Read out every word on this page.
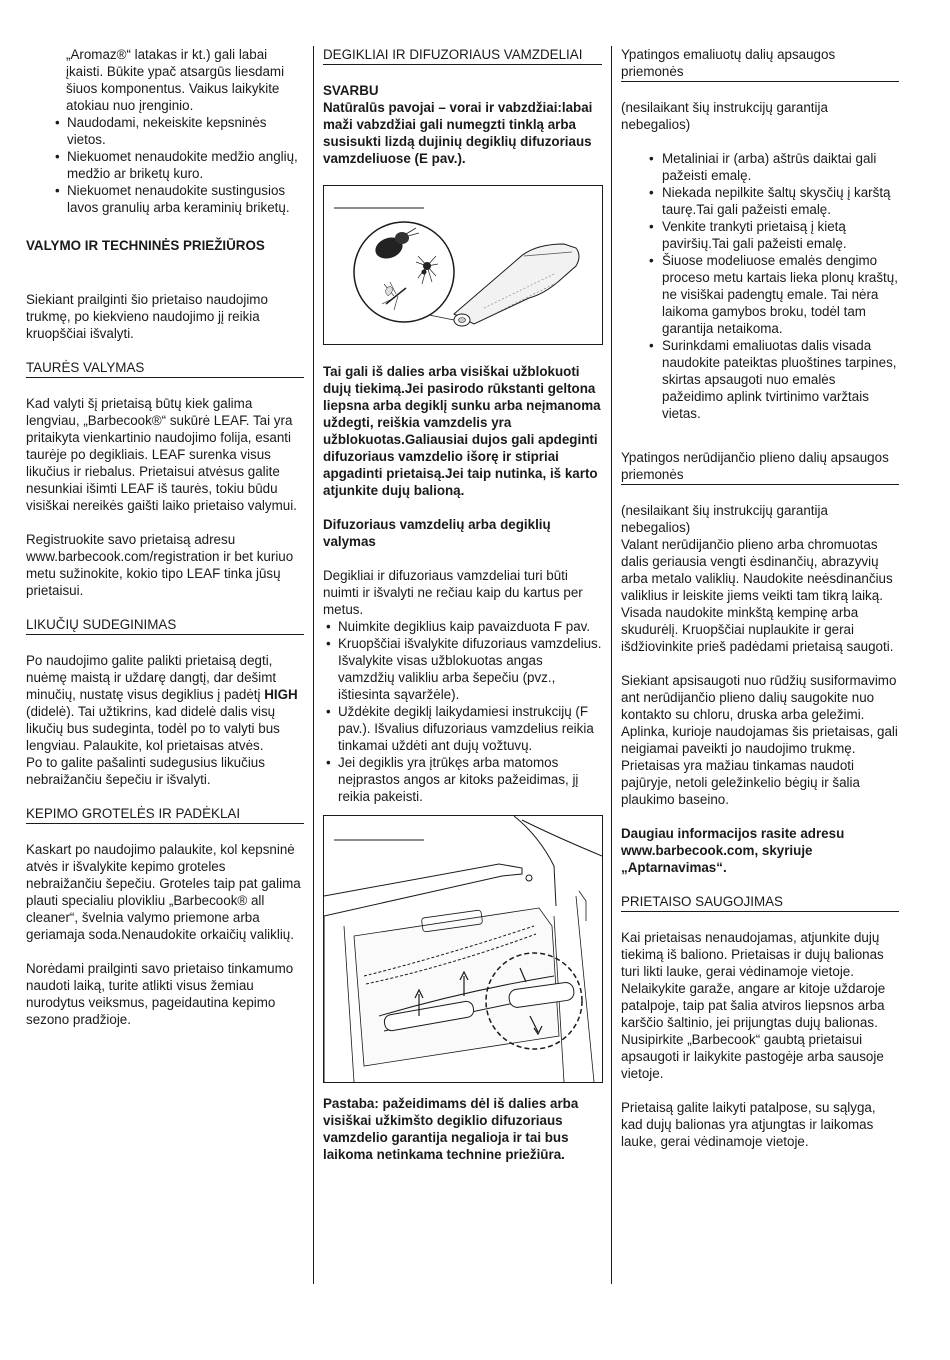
„Aromaz®“ latakas ir kt.) gali labai įkaisti. Būkite ypač atsargūs liesdami šiuos komponentus. Vaikus laikykite atokiau nuo įrenginio.

• Naudodami, nekeiskite kepsninės vietos.
• Niekuomet nenaudokite medžio anglių, medžio ar briketų kuro.
• Niekuomet nenaudokite sustingusios lavos granulių arba keraminių briketų.

VALYMO IR TECHNINĖS PRIEŽIŪROS

Siekiant prailginti šio prietaiso naudojimo trukmę, po kiekvieno naudojimo jį reikia kruopščiai išvalyti.

TAURĖS VALYMAS

Kad valyti šį prietaisą būtų kiek galima lengviau, „Barbecook®“ sukūrė LEAF. Tai yra pritaikyta vienkartinio naudojimo folija, esanti taurėje po degikliais. LEAF surenka visus likučius ir riebalus. Prietaisui atvėsus galite nesunkiai išimti LEAF iš taurės, tokiu būdu visiškai nereikės gaišti laiko prietaiso valymui.

Registruokite savo prietaisą adresu www.barbecook.com/registration ir bet kuriuo metu sužinokite, kokio tipo LEAF tinka jūsų prietaisui.

LIKUČIŲ SUDEGINIMAS

Po naudojimo galite palikti prietaisą degti, nuėmę maistą ir uždarę dangtį, dar dešimt minučių, nustatę visus degiklius į padėtį HIGH (didelė). Tai užtikrins, kad didelė dalis visų likučių bus sudeginta, todėl po to valyti bus lengviau. Palaukite, kol prietaisas atvės.

Po to galite pašalinti sudegusius likučius nebraižančiu šepečiu ir išvalyti.

KEPIMO GROTELĖS IR PADĖKLAI

Kaskart po naudojimo palaukite, kol kepsninė atvės ir išvalykite kepimo groteles nebraižančiu šepečiu. Groteles taip pat galima plauti specialiu plovikliu „Barbecook® all cleaner“, švelnia valymo priemone arba geriamaja soda.Nenaudokite orkaičių valiklių.

Norėdami prailginti savo prietaiso tinkamumo naudoti laiką, turite atlikti visus žemiau nurodytus veiksmus, pageidautina kepimo sezono pradžioje.

DEGIKLIAI IR DIFUZORIAUS VAMZDELIAI

SVARBU

Natūralūs pavojai – vorai ir vabzdžiai:labai maži vabzdžiai gali numegzti tinklą arba susisukti lizdą dujinių degiklių difuzoriaus vamzdeliuose (E pav.).

Tai gali iš dalies arba visiškai užblokuoti dujų tiekimą.Jei pasirodo rūkstanti geltona liepsna arba degiklį sunku arba neįmanoma uždegti, reiškia vamzdelis yra užblokuotas.Galiausiai dujos gali apdeginti difuzoriaus vamzdelio išorę ir stipriai apgadinti prietaisą.Jei taip nutinka, iš karto atjunkite dujų balioną.

Difuzoriaus vamzdelių arba degiklių valymas

Degikliai ir difuzoriaus vamzdeliai turi būti nuimti ir išvalyti ne rečiau kaip du kartus per metus.

• Nuimkite degiklius kaip pavaizduota F pav.
• Kruopščiai išvalykite difuzoriaus vamzdelius. Išvalykite visas užblokuotas angas vamzdžių valikliu arba šepečiu (pvz., ištiesinta sąvaržėle).
• Uždėkite degiklį laikydamiesi instrukcijų (F pav.). Išvalius difuzoriaus vamzdelius reikia tinkamai uždėti ant dujų vožtuvų.
• Jei degiklis yra įtrūkęs arba matomos neįprastos angos ar kitoks pažeidimas, jį reikia pakeisti.

Pastaba: pažeidimams dėl iš dalies arba visiškai užkimšto degiklio difuzoriaus vamzdelio garantija negalioja ir tai bus laikoma netinkama technine priežiūra.

Ypatingos emaliuotų dalių apsaugos priemonės

(nesilaikant šių instrukcijų garantija nebegalios)

• Metaliniai ir (arba) aštrūs daiktai gali pažeisti emalę.
• Niekada nepilkite šaltų skysčių į karštą taurę.Tai gali pažeisti emalę.
• Venkite trankyti prietaisą į kietą paviršių.Tai gali pažeisti emalę.
• Šiuose modeliuose emalės dengimo proceso metu kartais lieka plonų kraštų, ne visiškai padengtų emale. Tai nėra laikoma gamybos broku, todėl tam garantija netaikoma.
• Surinkdami emaliuotas dalis visada naudokite pateiktas pluoštines tarpines, skirtas apsaugoti nuo emalės pažeidimo aplink tvirtinimo varžtais vietas.

Ypatingos nerūdijančio plieno dalių apsaugos priemonės

(nesilaikant šių instrukcijų garantija nebegalios)

Valant nerūdijančio plieno arba chromuotas dalis geriausia vengti ėsdinančių, abrazyvių arba metalo valiklių. Naudokite neėsdinančius valiklius ir leiskite jiems veikti tam tikrą laiką. Visada naudokite minkštą kempinę arba skudurėlį. Kruopščiai nuplaukite ir gerai išdžiovinkite prieš padėdami prietaisą saugoti.

Siekiant apsisaugoti nuo rūdžių susiformavimo ant nerūdijančio plieno dalių saugokite nuo kontakto su chloru, druska arba geležimi. Aplinka, kurioje naudojamas šis prietaisas, gali neigiamai paveikti jo naudojimo trukmę. Prietaisas yra mažiau tinkamas naudoti pajūryje, netoli geležinkelio bėgių ir šalia plaukimo baseino.

Daugiau informacijos rasite adresu www.barbecook.com, skyriuje „Aptarnavimas“.

PRIETAISO SAUGOJIMAS

Kai prietaisas nenaudojamas, atjunkite dujų tiekimą iš baliono. Prietaisas ir dujų balionas turi likti lauke, gerai vėdinamoje vietoje. Nelaikykite garaže, angare ar kitoje uždaroje patalpoje, taip pat šalia atviros liepsnos arba karščio šaltinio, jei prijungtas dujų balionas.

Nusipirkite „Barbecook“ gaubtą prietaisui apsaugoti ir laikykite pastogėje arba sausoje vietoje.

Prietaisą galite laikyti patalpose, su sąlyga, kad dujų balionas yra atjungtas ir laikomas lauke, gerai vėdinamoje vietoje.
